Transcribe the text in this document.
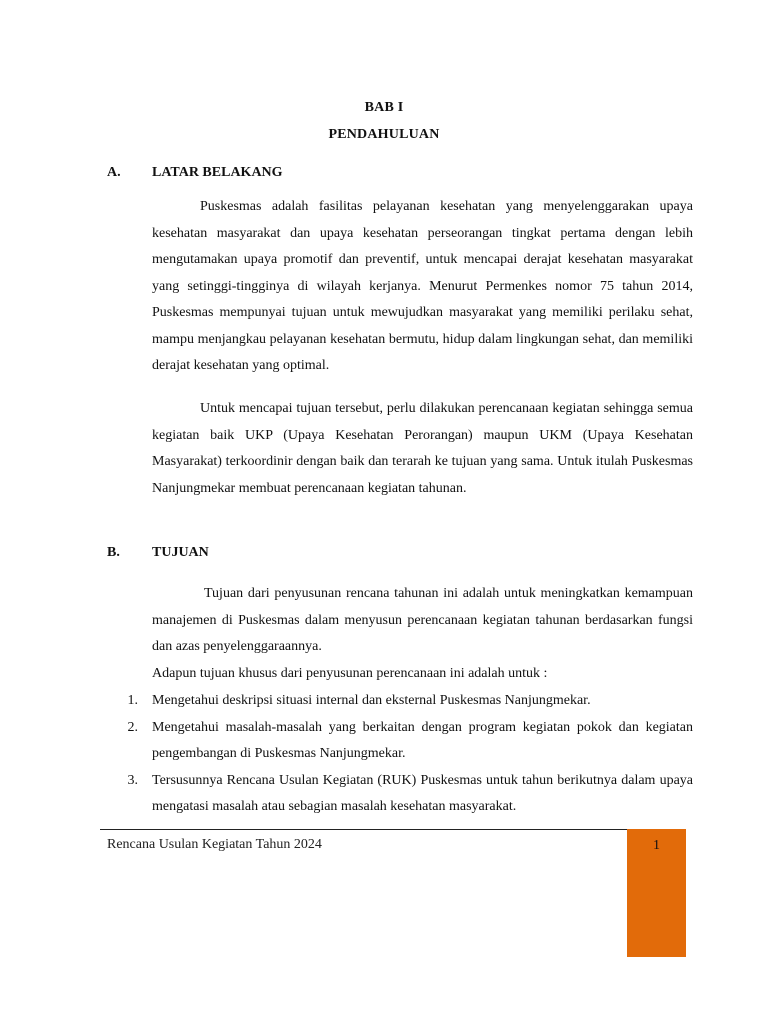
BAB I
PENDAHULUAN
A. LATAR BELAKANG

Puskesmas adalah fasilitas pelayanan kesehatan yang menyelenggarakan upaya kesehatan masyarakat dan upaya kesehatan perseorangan tingkat pertama dengan lebih mengutamakan upaya promotif dan preventif, untuk mencapai derajat kesehatan masyarakat yang setinggi-tingginya di wilayah kerjanya. Menurut Permenkes nomor 75 tahun 2014, Puskesmas mempunyai tujuan untuk mewujudkan masyarakat yang memiliki perilaku sehat, mampu menjangkau pelayanan kesehatan bermutu, hidup dalam lingkungan sehat, dan memiliki derajat kesehatan yang optimal.

Untuk mencapai tujuan tersebut, perlu dilakukan perencanaan kegiatan sehingga semua kegiatan baik UKP (Upaya Kesehatan Perorangan) maupun UKM (Upaya Kesehatan Masyarakat) terkoordinir dengan baik dan terarah ke tujuan yang sama. Untuk itulah Puskesmas Nanjungmekar membuat perencanaan kegiatan tahunan.

B. TUJUAN

Tujuan dari penyusunan rencana tahunan ini adalah untuk meningkatkan kemampuan manajemen di Puskesmas dalam menyusun perencanaan kegiatan tahunan berdasarkan fungsi dan azas penyelenggaraannya.

Adapun tujuan khusus dari penyusunan perencanaan ini adalah untuk :
1. Mengetahui deskripsi situasi internal dan eksternal Puskesmas Nanjungmekar.
2. Mengetahui masalah-masalah yang berkaitan dengan program kegiatan pokok dan kegiatan pengembangan di Puskesmas Nanjungmekar.
3. Tersusunnya Rencana Usulan Kegiatan (RUK) Puskesmas untuk tahun berikutnya dalam upaya mengatasi masalah atau sebagian masalah kesehatan masyarakat.
Rencana Usulan Kegiatan Tahun 2024	1
